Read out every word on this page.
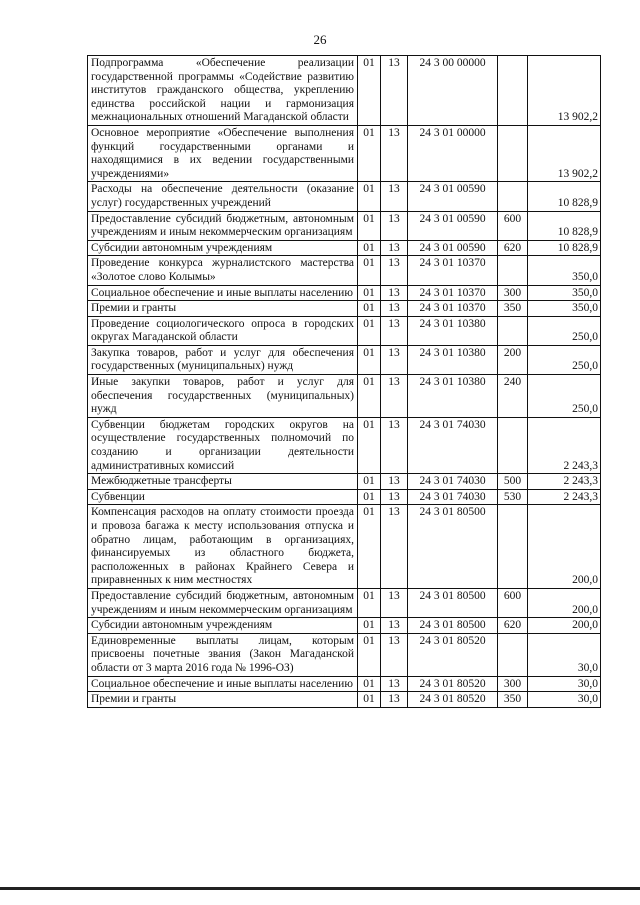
26
Подпрограмма «Обеспечение реализации государственной программы «Содействие развитию институтов гражданского общества, укреплению единства российской нации и гармонизация межнациональных отношений Магаданской области	01	13	24 3 00 00000		13 902,2
Основное мероприятие «Обеспечение выполнения функций государственными органами и находящимися в их ведении государственными учреждениями»	01	13	24 3 01 00000		13 902,2
Расходы на обеспечение деятельности (оказание услуг) государственных учреждений	01	13	24 3 01 00590		10 828,9
Предоставление субсидий бюджетным, автономным учреждениям и иным некоммерческим организациям	01	13	24 3 01 00590	600	10 828,9
Субсидии автономным учреждениям	01	13	24 3 01 00590	620	10 828,9
Проведение конкурса журналистского мастерства «Золотое слово Колымы»	01	13	24 3 01 10370		350,0
Социальное обеспечение и иные выплаты населению	01	13	24 3 01 10370	300	350,0
Премии и гранты	01	13	24 3 01 10370	350	350,0
Проведение социологического опроса в городских округах Магаданской области	01	13	24 3 01 10380		250,0
Закупка товаров, работ и услуг для обеспечения государственных (муниципальных) нужд	01	13	24 3 01 10380	200	250,0
Иные закупки товаров, работ и услуг для обеспечения государственных (муниципальных) нужд	01	13	24 3 01 10380	240	250,0
Субвенции бюджетам городских округов на осуществление государственных полномочий по созданию и организации деятельности административных комиссий	01	13	24 3 01 74030		2 243,3
Межбюджетные трансферты	01	13	24 3 01 74030	500	2 243,3
Субвенции	01	13	24 3 01 74030	530	2 243,3
Компенсация расходов на оплату стоимости проезда и провоза багажа к месту использования отпуска и обратно лицам, работающим в организациях, финансируемых из областного бюджета, расположенных в районах Крайнего Севера и приравненных к ним местностях	01	13	24 3 01 80500		200,0
Предоставление субсидий бюджетным, автономным учреждениям и иным некоммерческим организациям	01	13	24 3 01 80500	600	200,0
Субсидии автономным учреждениям	01	13	24 3 01 80500	620	200,0
Единовременные выплаты лицам, которым присвоены почетные звания (Закон Магаданской области от 3 марта 2016 года № 1996-ОЗ)	01	13	24 3 01 80520		30,0
Социальное обеспечение и иные выплаты населению	01	13	24 3 01 80520	300	30,0
Премии и гранты	01	13	24 3 01 80520	350	30,0
